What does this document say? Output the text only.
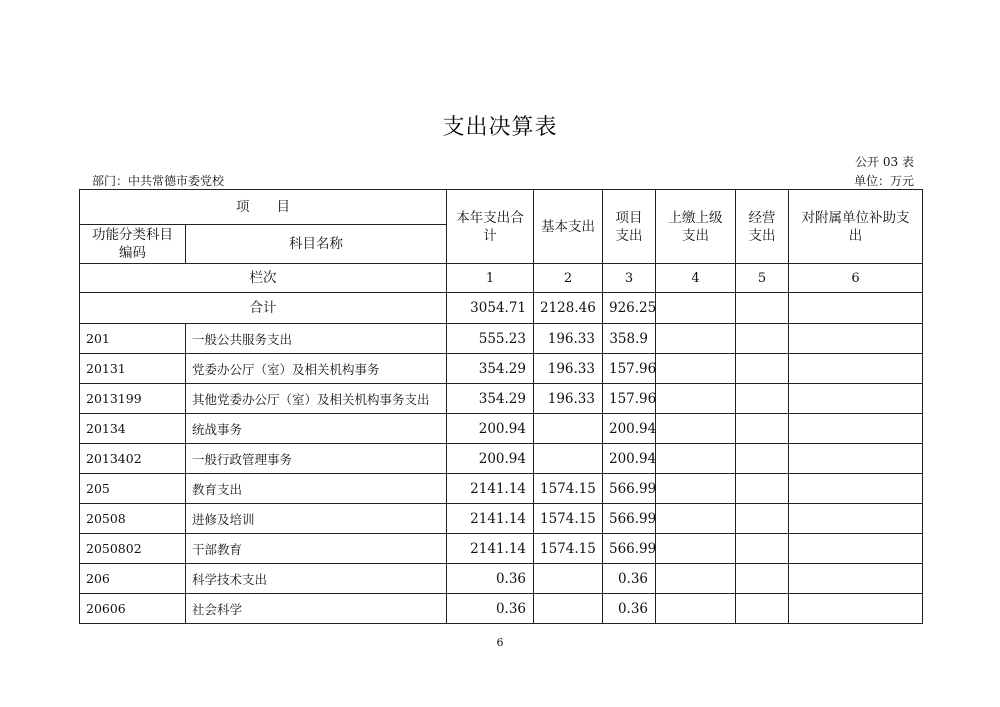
支出决算表
公开 03 表
部门：中共常德市委党校	单位：万元
项　　目		本年支出合计	基本支出	项目支出	上缴上级支出	经营支出	对附属单位补助支出
功能分类科目编码	科目名称						
栏次		1	2	3	4	5	6
合计		3054.71	2128.46	926.25			
201	一般公共服务支出	555.23	196.33	358.9			
20131	党委办公厅（室）及相关机构事务	354.29	196.33	157.96			
2013199	其他党委办公厅（室）及相关机构事务支出	354.29	196.33	157.96			
20134	统战事务	200.94		200.94			
2013402	一般行政管理事务	200.94		200.94			
205	教育支出	2141.14	1574.15	566.99			
20508	进修及培训	2141.14	1574.15	566.99			
2050802	干部教育	2141.14	1574.15	566.99			
206	科学技术支出	0.36		0.36			
20606	社会科学	0.36		0.36			
6
